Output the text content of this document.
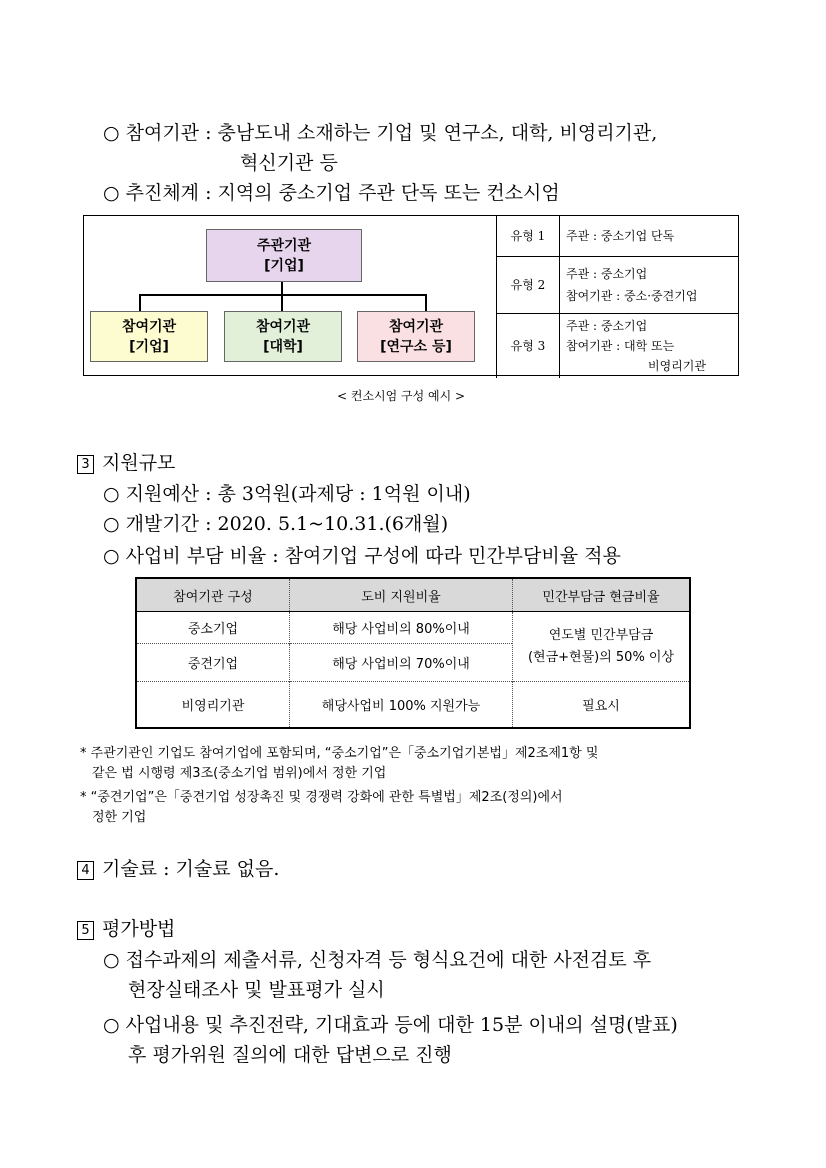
○ 참여기관 : 충남도내 소재하는 기업 및 연구소, 대학, 비영리기관,
혁신기관 등
○ 추진체계 : 지역의 중소기업 주관 단독 또는 컨소시엄
주관기관
[기업]
참여기관
[기업]
참여기관
[대학]
참여기관
[연구소 등]
유형 1	주관 : 중소기업 단독

유형 2	주관 : 중소기업
참여기관 : 중소·중견기업

유형 3	주관 : 중소기업
참여기관 : 대학 또는
비영리기관
< 컨소시엄 구성 예시 >
3 지원규모
○ 지원예산 : 총 3억원(과제당 : 1억원 이내)
○ 개발기간 : 2020. 5.1~10.31.(6개월)
○ 사업비 부담 비율 : 참여기업 구성에 따라 민간부담비율 적용
참여기관 구성	도비 지원비율	민간부담금 현금비율
중소기업	해당 사업비의 80%이내	연도별 민간부담금
(현금+현물)의 50% 이상

중견기업	해당 사업비의 70%이내	
비영리기관	해당사업비 100% 지원가능	필요시
* 주관기관인 기업도 참여기업에 포함되며, “중소기업”은「중소기업기본법」제2조제1항 및
같은 법 시행령 제3조(중소기업 범위)에서 정한 기업
* “중견기업”은「중견기업 성장촉진 및 경쟁력 강화에 관한 특별법」제2조(정의)에서
정한 기업
4 기술료 : 기술료 없음.
5 평가방법
○ 접수과제의 제출서류, 신청자격 등 형식요건에 대한 사전검토 후
현장실태조사 및 발표평가 실시
○ 사업내용 및 추진전략, 기대효과 등에 대한 15분 이내의 설명(발표)
후 평가위원 질의에 대한 답변으로 진행
